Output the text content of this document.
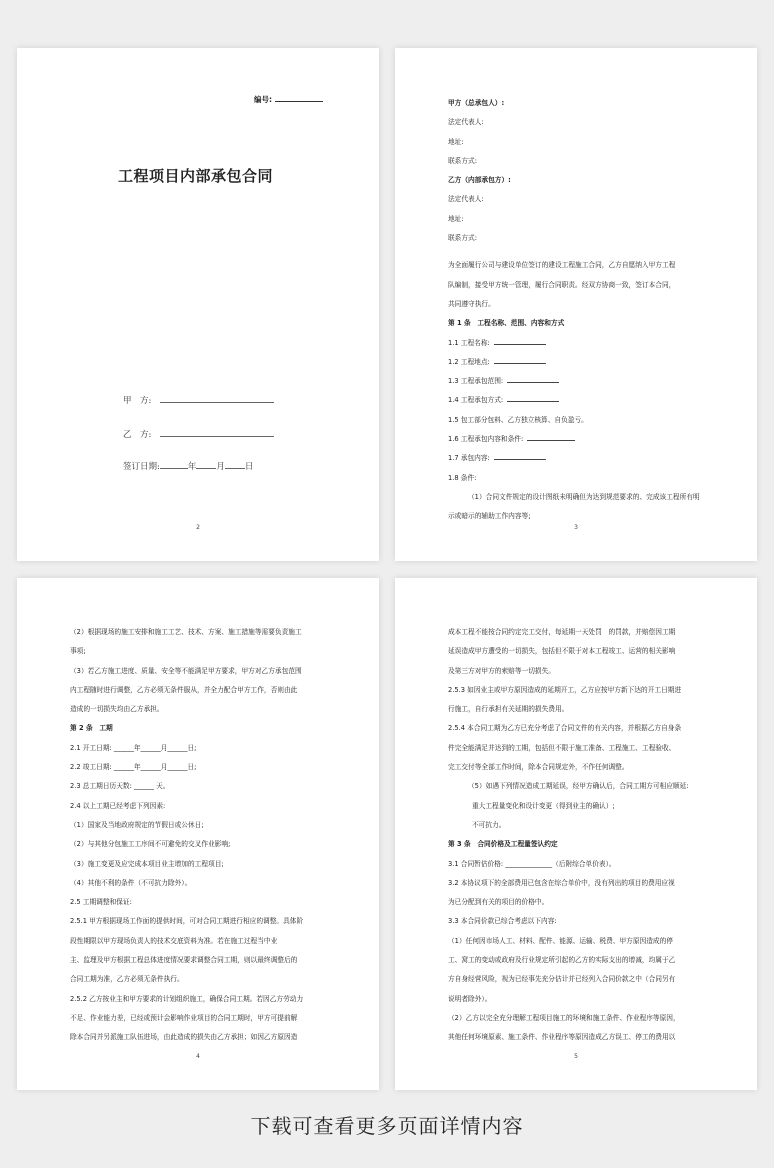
编号:
工程项目内部承包合同
甲　方:
乙　方:
签订日期:	年 月 日
2

甲方（总承包人）:

法定代表人:

地址:

联系方式:

乙方（内部承包方）:

法定代表人:

地址:

联系方式:

为全面履行公司与建设单位签订的建设工程施工合同，乙方自愿纳入甲方工程

队编制，接受甲方统一管理，履行合同职责。经双方协商一致，签订本合同，

共同遵守执行。

第 1 条　工程名称、范围、内容和方式

1.1 工程名称:

1.2 工程地点:

1.3 工程承包范围:

1.4 工程承包方式:

1.5 包工部分包料、乙方独立核算、自负盈亏。

1.6 工程承包内容和条件:

1.7 承包内容:

1.8 条件:

（1）合同文件规定的设计图纸未明确但为达到规范要求的、完成该工程所有明

示或暗示的辅助工作内容等;

3

（2）根据现场的施工安排和施工工艺、技术、方案、施工措施等需要负责施工

事项;

（3）若乙方施工进度、质量、安全等不能满足甲方要求，甲方对乙方承包范围

内工程随时进行调整，乙方必须无条件服从，并全力配合甲方工作，否则由此

造成的一切损失均由乙方承担。

第 2 条　工期

2.1 开工日期: ______年______月______日;

2.2 竣工日期: ______年______月______日;

2.3 总工期日历天数: ______ 天。

2.4 以上工期已经考虑下列因素:

（1）国家及当地政府规定的节假日或公休日;

（2）与其他分包施工工序间不可避免的交叉作业影响;

（3）施工变更及应完成本项目业主增加的工程项目;

（4）其他不利的条件（不可抗力除外）。

2.5 工期调整和保证:

2.5.1 甲方根据现场工作面的提供时间，可对合同工期进行相应的调整。具体阶

段性期限以甲方现场负责人的技术交底资料为准。若在施工过程当中业

主、监理及甲方根据工程总体进度情况要求调整合同工期，则以最终调整后的

合同工期为准，乙方必须无条件执行。

2.5.2 乙方按业主和甲方要求的计划组织施工，确保合同工期。若因乙方劳动力

不足、作业能力差，已经或预计会影响作业项目的合同工期时，甲方可提前解

除本合同并另派施工队伍进场，由此造成的损失由乙方承担；如因乙方原因造

4

成本工程不能按合同约定完工交付，每延期一天处罚　的罚款，并赔偿因工期

延误造成甲方遭受的一切损失，包括但不限于对本工程竣工、运营的相关影响

及第三方对甲方的索赔等一切损失。

2.5.3 如因业主或甲方原因造成的延期开工，乙方应按甲方新下达的开工日期进

行施工，自行承担有关延期的损失费用。

2.5.4 本合同工期为乙方已充分考虑了合同文件的有关内容，并根据乙方自身条

件完全能满足并达到的工期，包括但不限于施工准备、工程施工、工程验收、

完工交付等全部工作时间，除本合同规定外，不作任何调整。

（5）如遇下列情况造成工期延误，经甲方确认后，合同工期方可相应顺延:

重大工程量变化和设计变更（得到业主的确认）;

不可抗力。

第 3 条　合同价格及工程量签认约定

3.1 合同暂估价格: ______________（后附综合单价表）。

3.2 本协议项下的全部费用已包含在综合单价中，没有列出的项目的费用应视

为已分配到有关的项目的价格中。

3.3 本合同价款已综合考虑以下内容:

（1）任何因市场人工、材料、配件、能源、运输、税费、甲方原因造成的停

工、窝工的变动或政府及行业规定所引起的乙方的实际支出的增减，均属于乙

方自身经营风险，视为已经事先充分估计并已经列入合同价款之中（合同另有

说明者除外）。

（2）乙方以完全充分理解工程项目施工的环境和施工条件、作业程序等原因，

其他任何环境原素、施工条件、作业程序等原因造成乙方误工、停工的费用以

5
下载可查看更多页面详情内容
